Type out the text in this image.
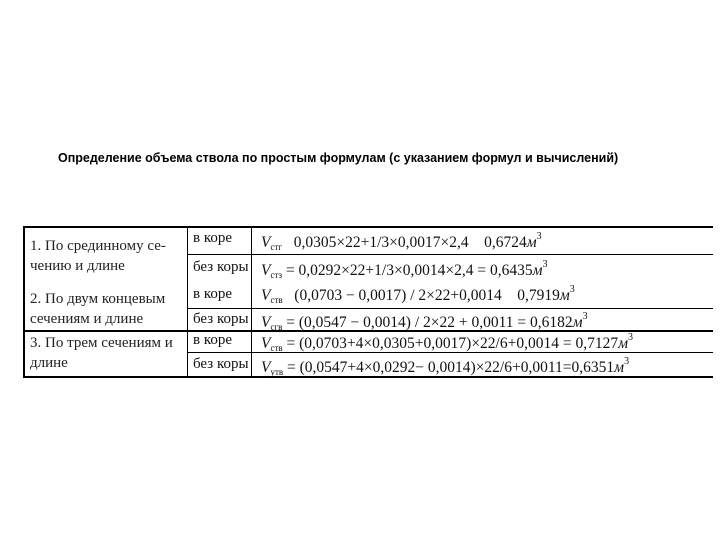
Определение объема ствола по простым формулам (с указанием формул и вычислений)
1. По срединному се-
чению и длине
2. По двум концевым
сечениям и длине
3. По трем сечениям и
длине
в коре
без коры
в коре
без коры
в коре
без коры
$V_{стг}$   0,0305×22+1/3×0,0017×2,4    $0,6724м^3$
$V_{стз} = 0,0292\times 22+1/3\times 0,0014\times 2,4 = 0,6435м^3$
$V_{ств}$   (0,0703 − 0,0017) / 2×22+0,0014    $0,7919м^3$
$V_{сгв} = (0,0547 - 0,0014) / 2\times 22 + 0,0011 = 0,6182м^3$
$V_{ств} = (0,0703+4\times 0,0305+0,0017)\times 22/6+0,0014 = 0,7127м^3$
$V_{утв} = (0,0547+4\times 0,0292- 0,0014)\times 22/6+0,0011=0,6351м^3$
